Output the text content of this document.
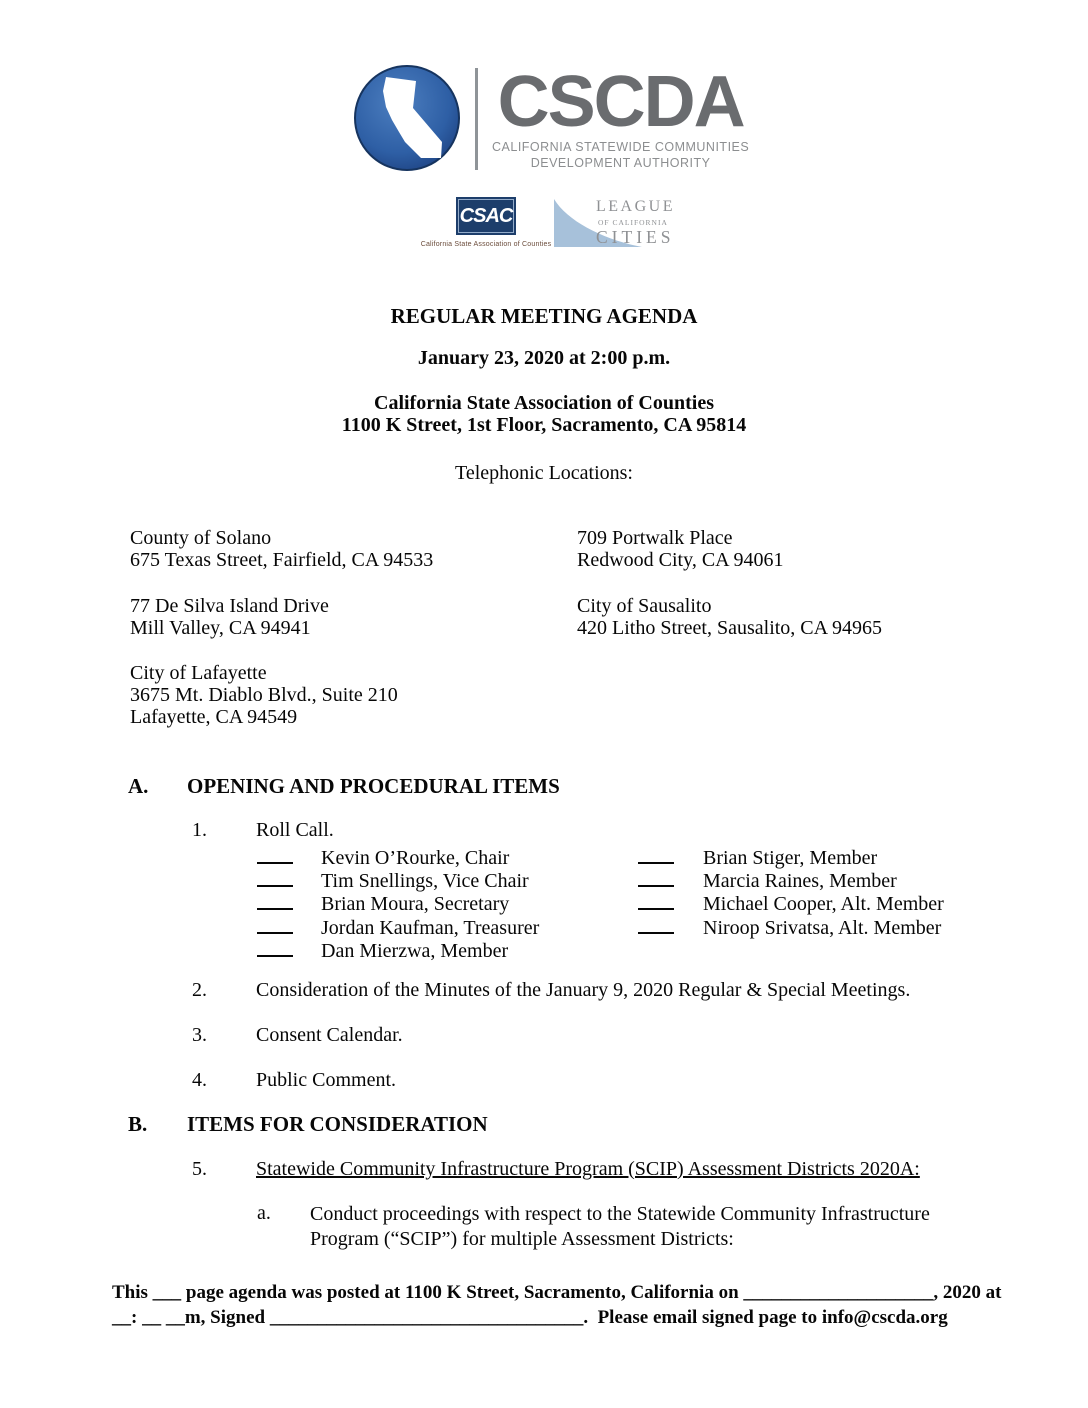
CSCDA
CALIFORNIA STATEWIDE COMMUNITIES
DEVELOPMENT AUTHORITY
CSAC
California State Association of Counties
LEAGUE
OF CALIFORNIA
CITIES
REGULAR MEETING AGENDA
January 23, 2020 at 2:00 p.m.
California State Association of Counties
1100 K Street, 1st Floor, Sacramento, CA 95814
Telephonic Locations:
County of Solano
675 Texas Street, Fairfield, CA 94533
77 De Silva Island Drive
Mill Valley, CA 94941
City of Lafayette
3675 Mt. Diablo Blvd., Suite 210
Lafayette, CA 94549
709 Portwalk Place
Redwood City, CA 94061
City of Sausalito
420 Litho Street, Sausalito, CA 94965
A. OPENING AND PROCEDURAL ITEMS
1. Roll Call.
Kevin O’Rourke, Chair
Tim Snellings, Vice Chair
Brian Moura, Secretary
Jordan Kaufman, Treasurer
Dan Mierzwa, Member
Brian Stiger, Member
Marcia Raines, Member
Michael Cooper, Alt. Member
Niroop Srivatsa, Alt. Member
2. Consideration of the Minutes of the January 9, 2020 Regular & Special Meetings.
3. Consent Calendar.
4. Public Comment.
B. ITEMS FOR CONSIDERATION
5. Statewide Community Infrastructure Program (SCIP) Assessment Districts 2020A:
a. Conduct proceedings with respect to the Statewide Community Infrastructure
Program (“SCIP”) for multiple Assessment Districts:
This ___ page agenda was posted at 1100 K Street, Sacramento, California on ____________________, 2020 at
__: __ __m, Signed _________________________________.  Please email signed page to info@cscda.org
